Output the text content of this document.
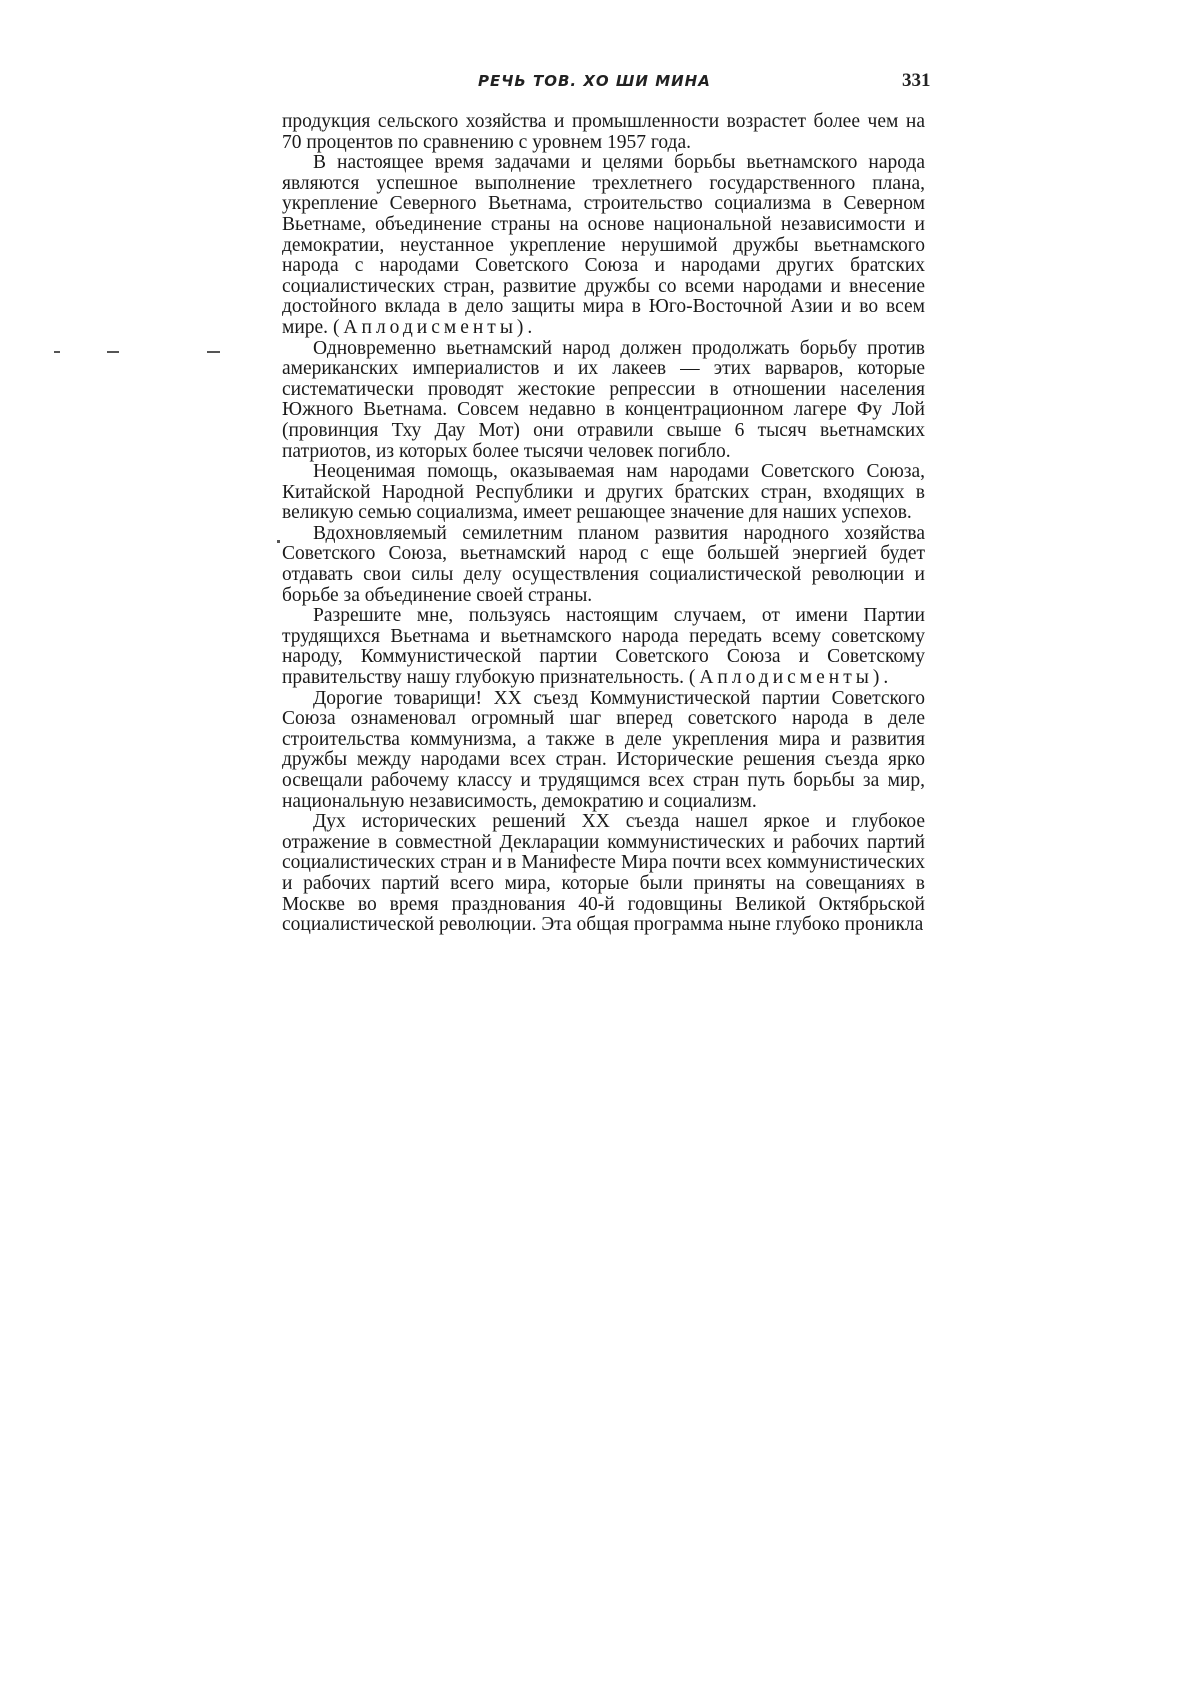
РЕЧЬ ТОВ. ХО ШИ МИНА	331

продукция сельского хозяйства и промышленности возрастет более чем на 70 процентов по сравнению с уровнем 1957 года.

В настоящее время задачами и целями борьбы вьетнамского народа являются успешное выполнение трехлетнего государственного плана, укрепление Северного Вьетнама, строительство социализма в Северном Вьетнаме, объединение страны на основе национальной независимости и демократии, неустанное укрепление нерушимой дружбы вьетнамского народа с народами Советского Союза и народами других братских социалистических стран, развитие дружбы со всеми народами и внесение достойного вклада в дело защиты мира в Юго-Восточной Азии и во всем мире. (Аплодисменты).

Одновременно вьетнамский народ должен продолжать борьбу против американских империалистов и их лакеев — этих варваров, которые систематически проводят жестокие репрессии в отношении населения Южного Вьетнама. Совсем недавно в концентрационном лагере Фу Лой (провинция Тху Дау Мот) они отравили свыше 6 тысяч вьетнамских патриотов, из которых более тысячи человек погибло.

Неоценимая помощь, оказываемая нам народами Советского Союза, Китайской Народной Республики и других братских стран, входящих в великую семью социализма, имеет решающее значение для наших успехов.

Вдохновляемый семилетним планом развития народного хозяйства Советского Союза, вьетнамский народ с еще большей энергией будет отдавать свои силы делу осуществления социалистической революции и борьбе за объединение своей страны.

Разрешите мне, пользуясь настоящим случаем, от имени Партии трудящихся Вьетнама и вьетнамского народа передать всему советскому народу, Коммунистической партии Советского Союза и Советскому правительству нашу глубокую признательность. (Аплодисменты).

Дорогие товарищи! XX съезд Коммунистической партии Советского Союза ознаменовал огромный шаг вперед советского народа в деле строительства коммунизма, а также в деле укрепления мира и развития дружбы между народами всех стран. Исторические решения съезда ярко освещали рабочему классу и трудящимся всех стран путь борьбы за мир, национальную независимость, демократию и социализм.

Дух исторических решений XX съезда нашел яркое и глубокое отражение в совместной Декларации коммунистических и рабочих партий социалистических стран и в Манифесте Мира почти всех коммунистических и рабочих партий всего мира, которые были приняты на совещаниях в Москве во время празднования 40-й годовщины Великой Октябрьской социалистической революции. Эта общая программа ныне глубоко проникла
